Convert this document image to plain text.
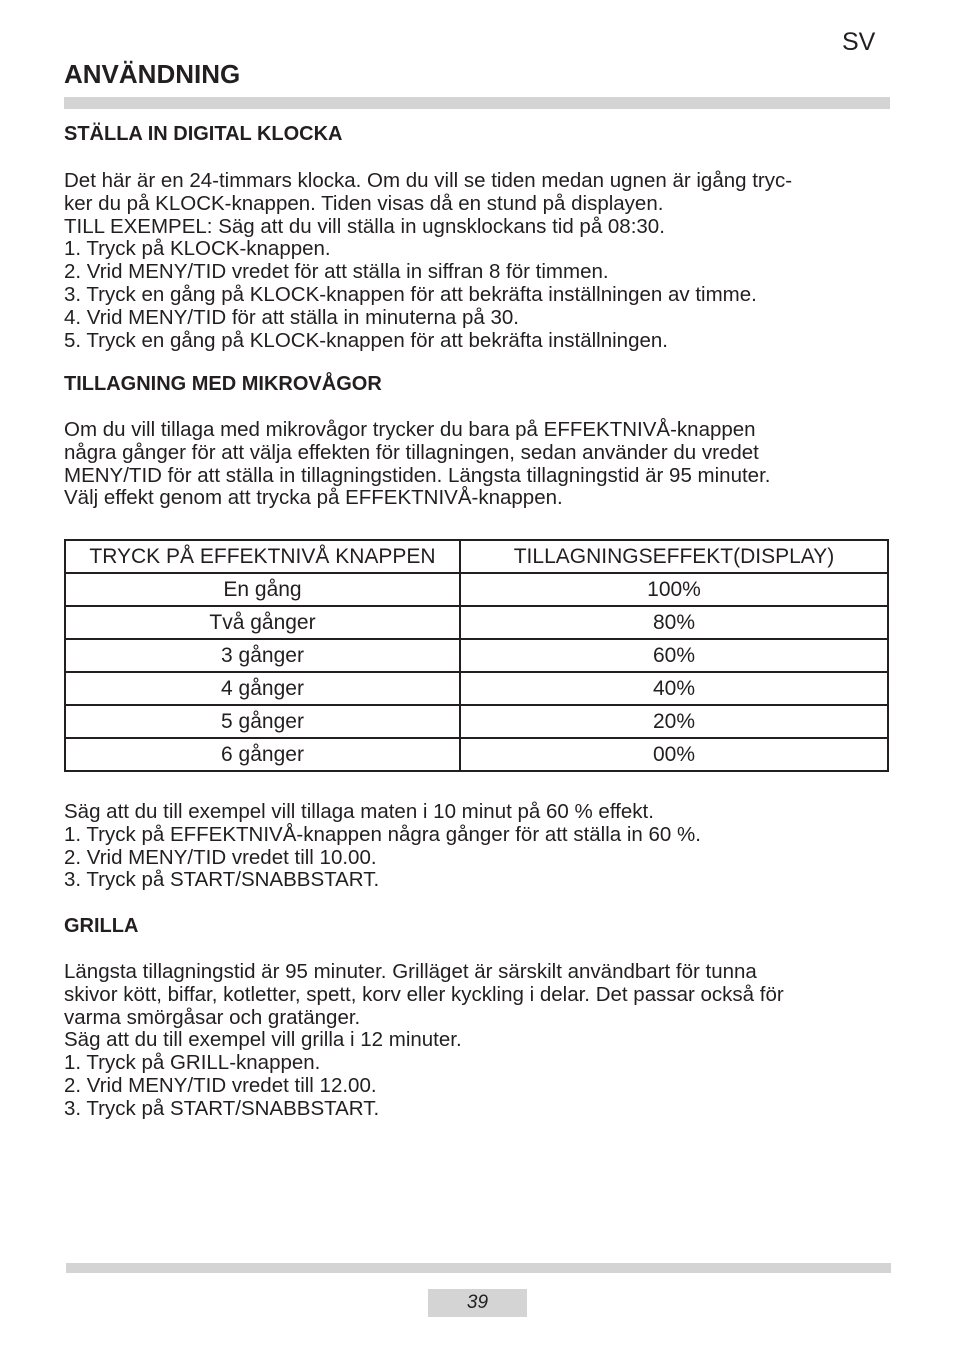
SV
ANVÄNDNING
STÄLLA IN DIGITAL KLOCKA
Det här är en 24-timmars klocka. Om du vill se tiden medan ugnen är igång tryc-
ker du på KLOCK-knappen. Tiden visas då en stund på displayen.
TILL EXEMPEL: Säg att du vill ställa in ugnsklockans tid på 08:30.
1. Tryck på KLOCK-knappen.
2. Vrid MENY/TID vredet för att ställa in siffran 8 för timmen.
3. Tryck en gång på KLOCK-knappen för att bekräfta inställningen av timme.
4. Vrid MENY/TID för att ställa in minuterna på 30.
5. Tryck en gång på KLOCK-knappen för att bekräfta inställningen.
TILLAGNING MED MIKROVÅGOR
Om du vill tillaga med mikrovågor trycker du bara på EFFEKTNIVÅ-knappen
några gånger för att välja effekten för tillagningen, sedan använder du vredet
MENY/TID för att ställa in tillagningstiden. Längsta tillagningstid är 95 minuter.
Välj effekt genom att trycka på EFFEKTNIVÅ-knappen.
TRYCK PÅ EFFEKTNIVÅ KNAPPEN	TILLAGNINGSEFFEKT(DISPLAY)
En gång	100%
Två gånger	80%
3 gånger	60%
4 gånger	40%
5 gånger	20%
6 gånger	00%
Säg att du till exempel vill tillaga maten i 10 minut på 60 % effekt.
1. Tryck på EFFEKTNIVÅ-knappen några gånger för att ställa in 60 %.
2. Vrid MENY/TID vredet till 10.00.
3. Tryck på START/SNABBSTART.
GRILLA
Längsta tillagningstid är 95 minuter. Grilläget är särskilt användbart för tunna
skivor kött, biffar, kotletter, spett, korv eller kyckling i delar. Det passar också för
varma smörgåsar och gratänger.
Säg att du till exempel vill grilla i 12 minuter.
1. Tryck på GRILL-knappen.
2. Vrid MENY/TID vredet till 12.00.
3. Tryck på START/SNABBSTART.
39
